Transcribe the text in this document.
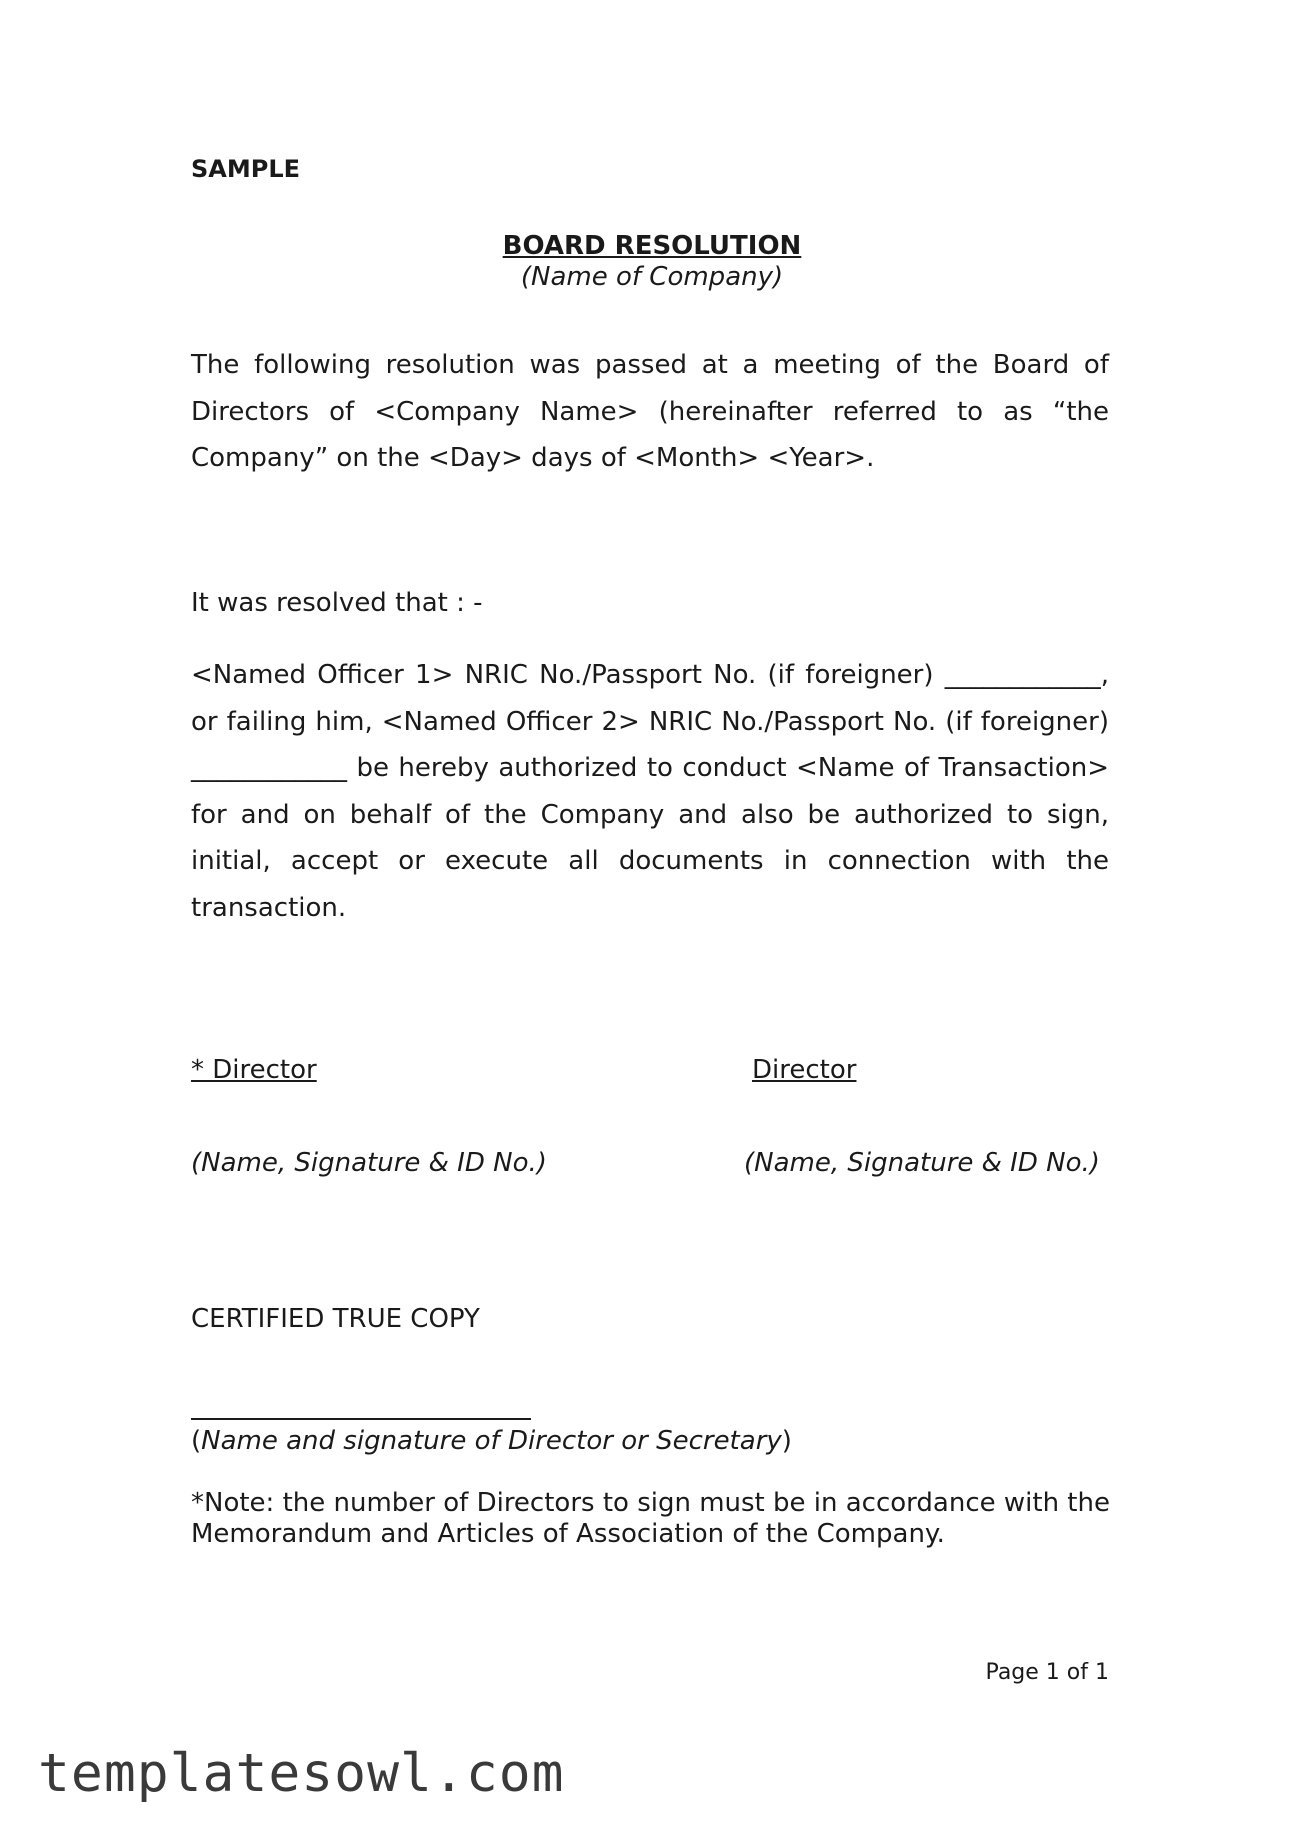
SAMPLE
BOARD RESOLUTION
(Name of Company)
The following resolution was passed at a meeting of the Board of Directors of <Company Name> (hereinafter referred to as “the Company” on the <Day> days of <Month> <Year>.
It was resolved that : -
<Named Officer 1> NRIC No./Passport No. (if foreigner) ____________, or failing him, <Named Officer 2> NRIC No./Passport No. (if foreigner) ____________ be hereby authorized to conduct <Name of Transaction> for and on behalf of the Company and also be authorized to sign, initial, accept or execute all documents in connection with the transaction.
* Director	Director
(Name, Signature & ID No.)	(Name, Signature & ID No.)
CERTIFIED TRUE COPY
(Name and signature of Director or Secretary)
*Note: the number of Directors to sign must be in accordance with the Memorandum and Articles of Association of the Company.
Page 1 of 1
templatesowl.com
